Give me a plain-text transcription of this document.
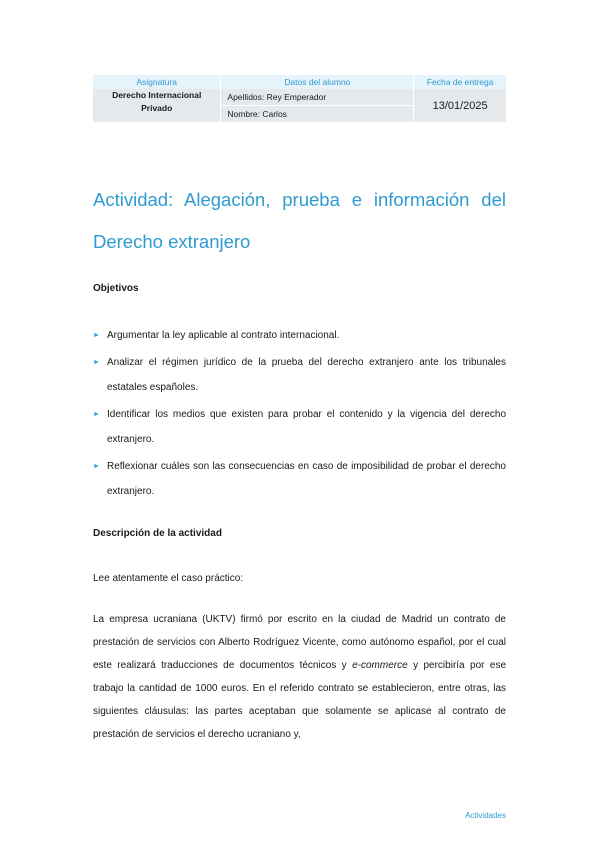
Asignatura	Datos del alumno	Fecha de entrega
Derecho Internacional
Privado	Apellidos: Rey Emperador	13/01/2025
	Nombre: Carlos	
Actividad: Alegación, prueba e información del Derecho extranjero
Objetivos
► Argumentar la ley aplicable al contrato internacional.
► Analizar el régimen jurídico de la prueba del derecho extranjero ante los tribunales estatales españoles.
► Identificar los medios que existen para probar el contenido y la vigencia del derecho extranjero.
► Reflexionar cuáles son las consecuencias en caso de imposibilidad de probar el derecho extranjero.
Descripción de la actividad

Lee atentamente el caso práctico:

La empresa ucraniana (UKTV) firmó por escrito en la ciudad de Madrid un contrato de prestación de servicios con Alberto Rodríguez Vicente, como autónomo español, por el cual este realizará traducciones de documentos técnicos y e-commerce y percibiría por ese trabajo la cantidad de 1000 euros. En el referido contrato se establecieron, entre otras, las siguientes cláusulas: las partes aceptaban que solamente se aplicase al contrato de prestación de servicios el derecho ucraniano y,

Actividades
